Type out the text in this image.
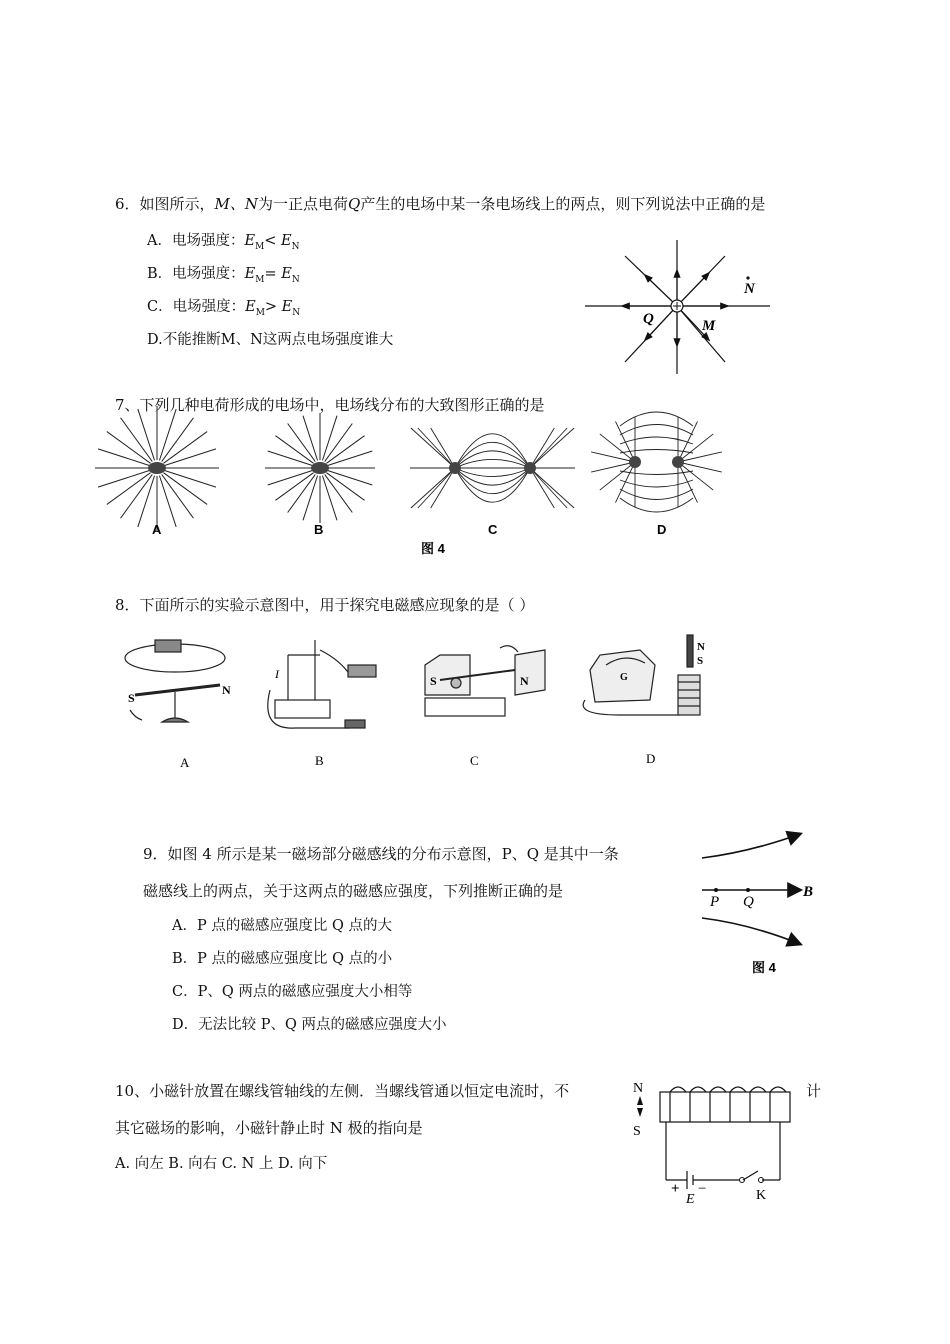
6．如图所示，M、N为一正点电荷Q产生的电场中某一条电场线上的两点，则下列说法中正确的是
A．电场强度：$E_M< E_N$
B．电场强度：$E_M= E_N$
C．电场强度：$E_M> E_N$
D.不能推断M、N这两点电场强度谁大
Q	M
N
7、下列几种电荷形成的电场中，电场线分布的大致图形正确的是
A	B	C	D
图 4
8．下面所示的实验示意图中，用于探究电磁感应现象的是（ ）
I
S
N
S	N	G
N
S
A	B	C	D
9．如图 4 所示是某一磁场部分磁感线的分布示意图，P、Q 是其中一条
磁感线上的两点，关于这两点的磁感应强度，下列推断正确的是
A．P 点的磁感应强度比 Q 点的大
B．P 点的磁感应强度比 Q 点的小
C．P、Q 两点的磁感应强度大小相等
D．无法比较 P、Q 两点的磁感应强度大小
P Q
B
图 4
10、小磁针放置在螺线管轴线的左侧．当螺线管通以恒定电流时，不	计
其它磁场的影响，小磁针静止时 N 极的指向是
A. 向左 B. 向右 C. N 上 D. 向下
N
S
+ −
E	K
